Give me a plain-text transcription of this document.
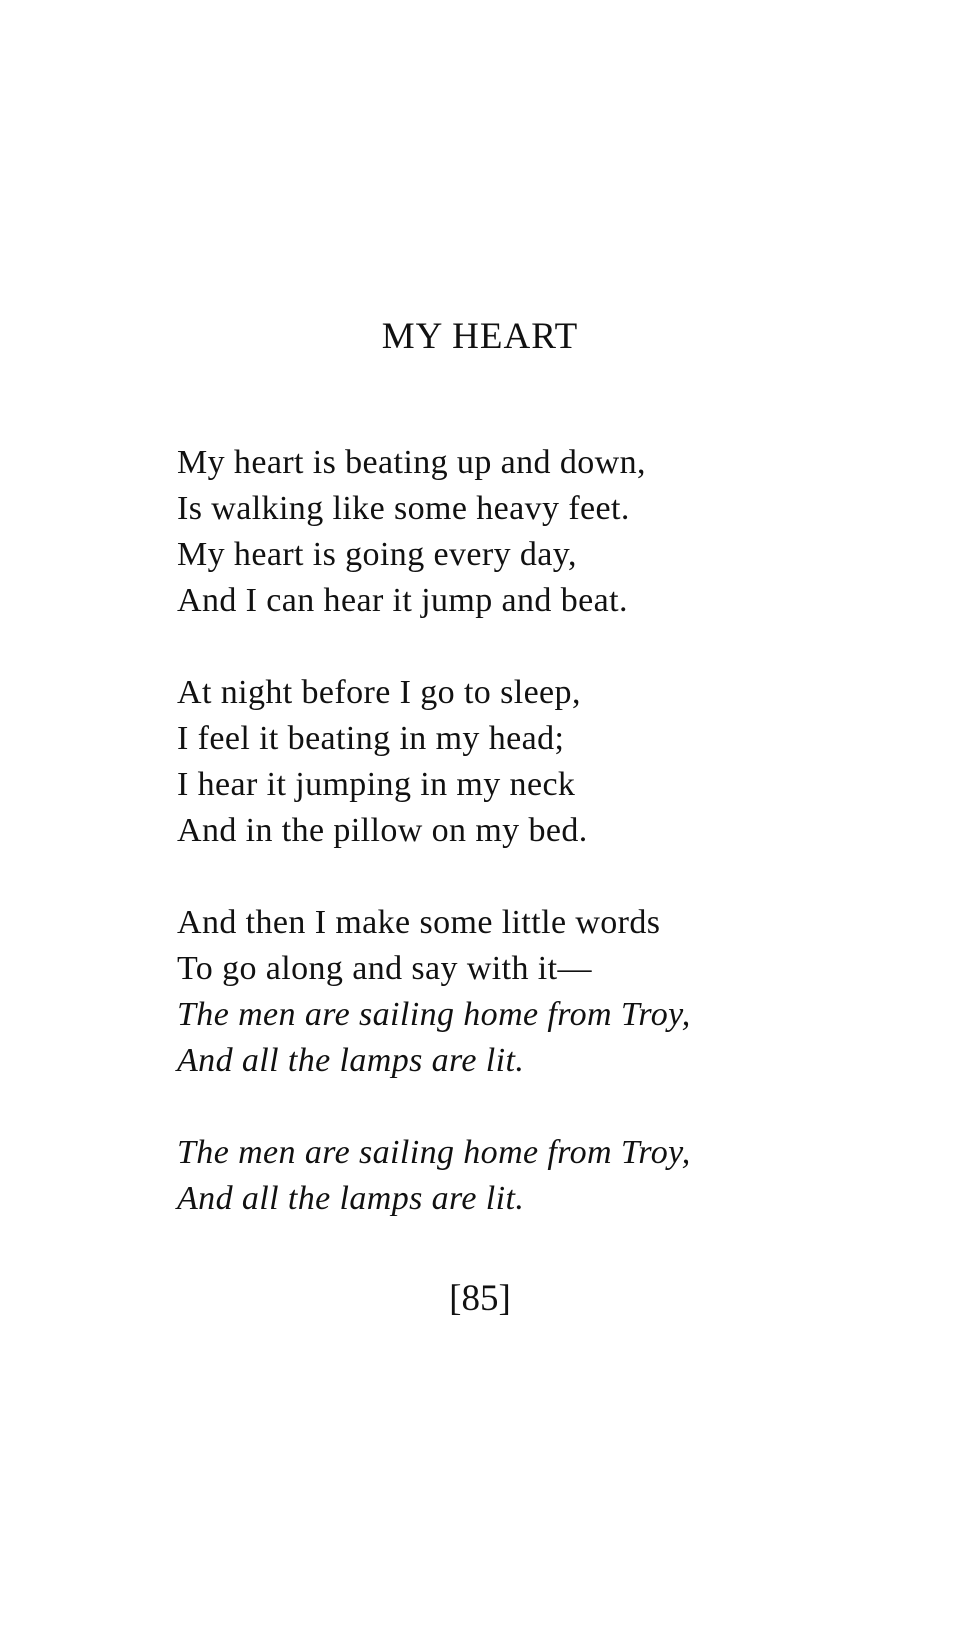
MY HEART
My heart is beating up and down,
Is walking like some heavy feet.
My heart is going every day,
And I can hear it jump and beat.
At night before I go to sleep,
I feel it beating in my head;
I hear it jumping in my neck
And in the pillow on my bed.
And then I make some little words
To go along and say with it—
The men are sailing home from Troy,
And all the lamps are lit.
The men are sailing home from Troy,
And all the lamps are lit.
[85]
